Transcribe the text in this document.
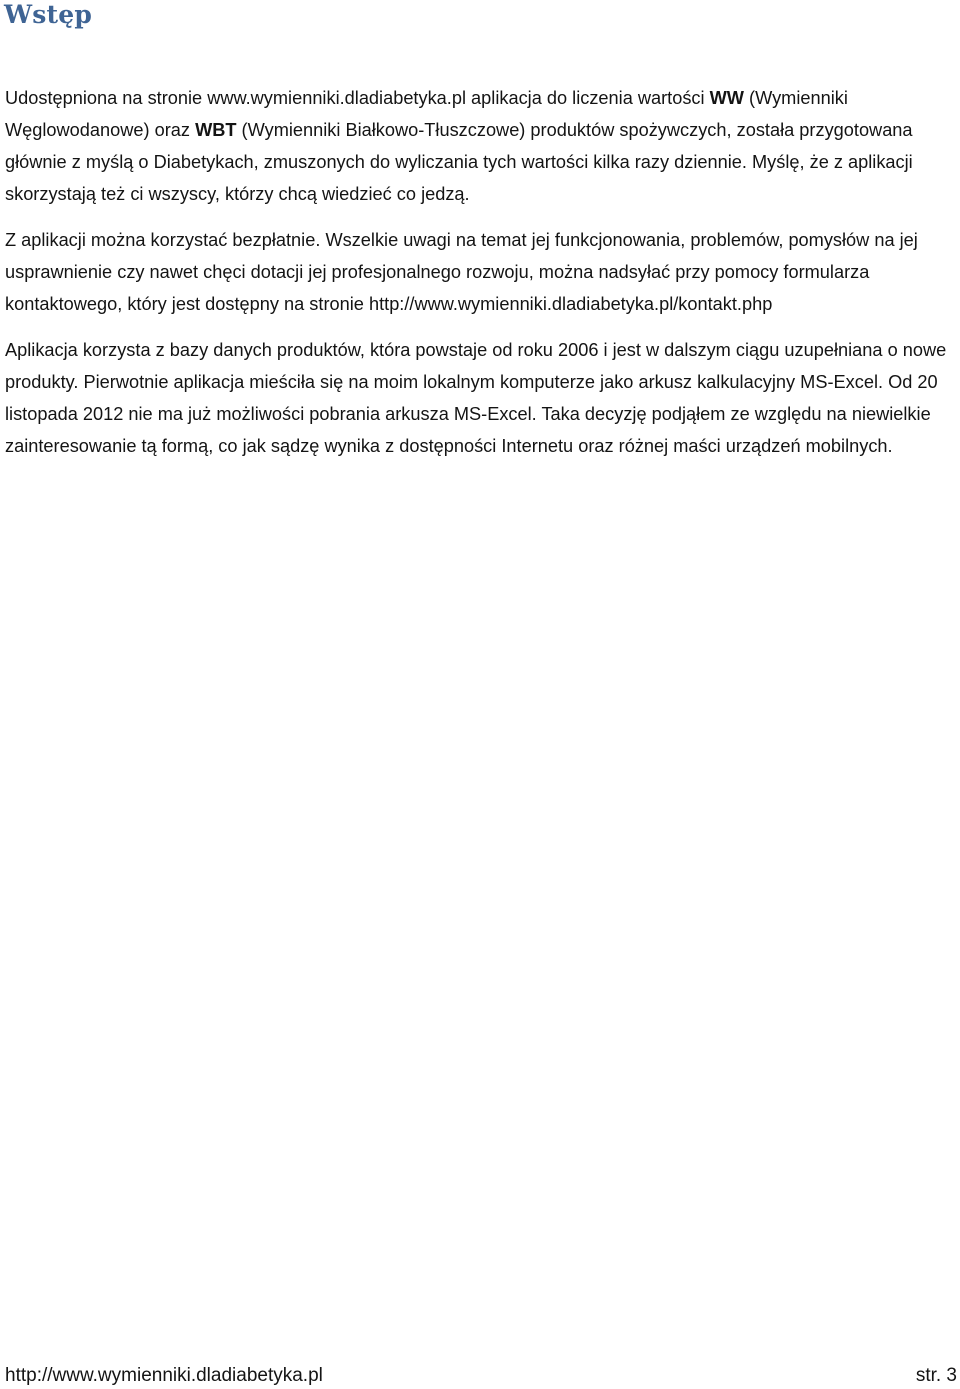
Wstęp

Udostępniona na stronie www.wymienniki.dladiabetyka.pl aplikacja do liczenia wartości WW (Wymienniki Węglowodanowe) oraz WBT (Wymienniki Białkowo-Tłuszczowe) produktów spożywczych, została przygotowana głównie z myślą o Diabetykach, zmuszonych do wyliczania tych wartości kilka razy dziennie. Myślę, że z aplikacji skorzystają też ci wszyscy, którzy chcą wiedzieć co jedzą.

Z aplikacji można korzystać bezpłatnie. Wszelkie uwagi na temat jej funkcjonowania, problemów, pomysłów na jej usprawnienie czy nawet chęci dotacji jej profesjonalnego rozwoju, można nadsyłać przy pomocy formularza kontaktowego, który jest dostępny na stronie http://www.wymienniki.dladiabetyka.pl/kontakt.php

Aplikacja korzysta z bazy danych produktów, która powstaje od roku 2006 i jest w dalszym ciągu uzupełniana o nowe produkty. Pierwotnie aplikacja mieściła się na moim lokalnym komputerze jako arkusz kalkulacyjny MS-Excel. Od 20 listopada 2012 nie ma już możliwości pobrania arkusza MS-Excel. Taka decyzję podjąłem ze względu na niewielkie zainteresowanie tą formą, co jak sądzę wynika z dostępności Internetu oraz różnej maści urządzeń mobilnych.

http://www.wymienniki.dladiabetyka.pl	str. 3
